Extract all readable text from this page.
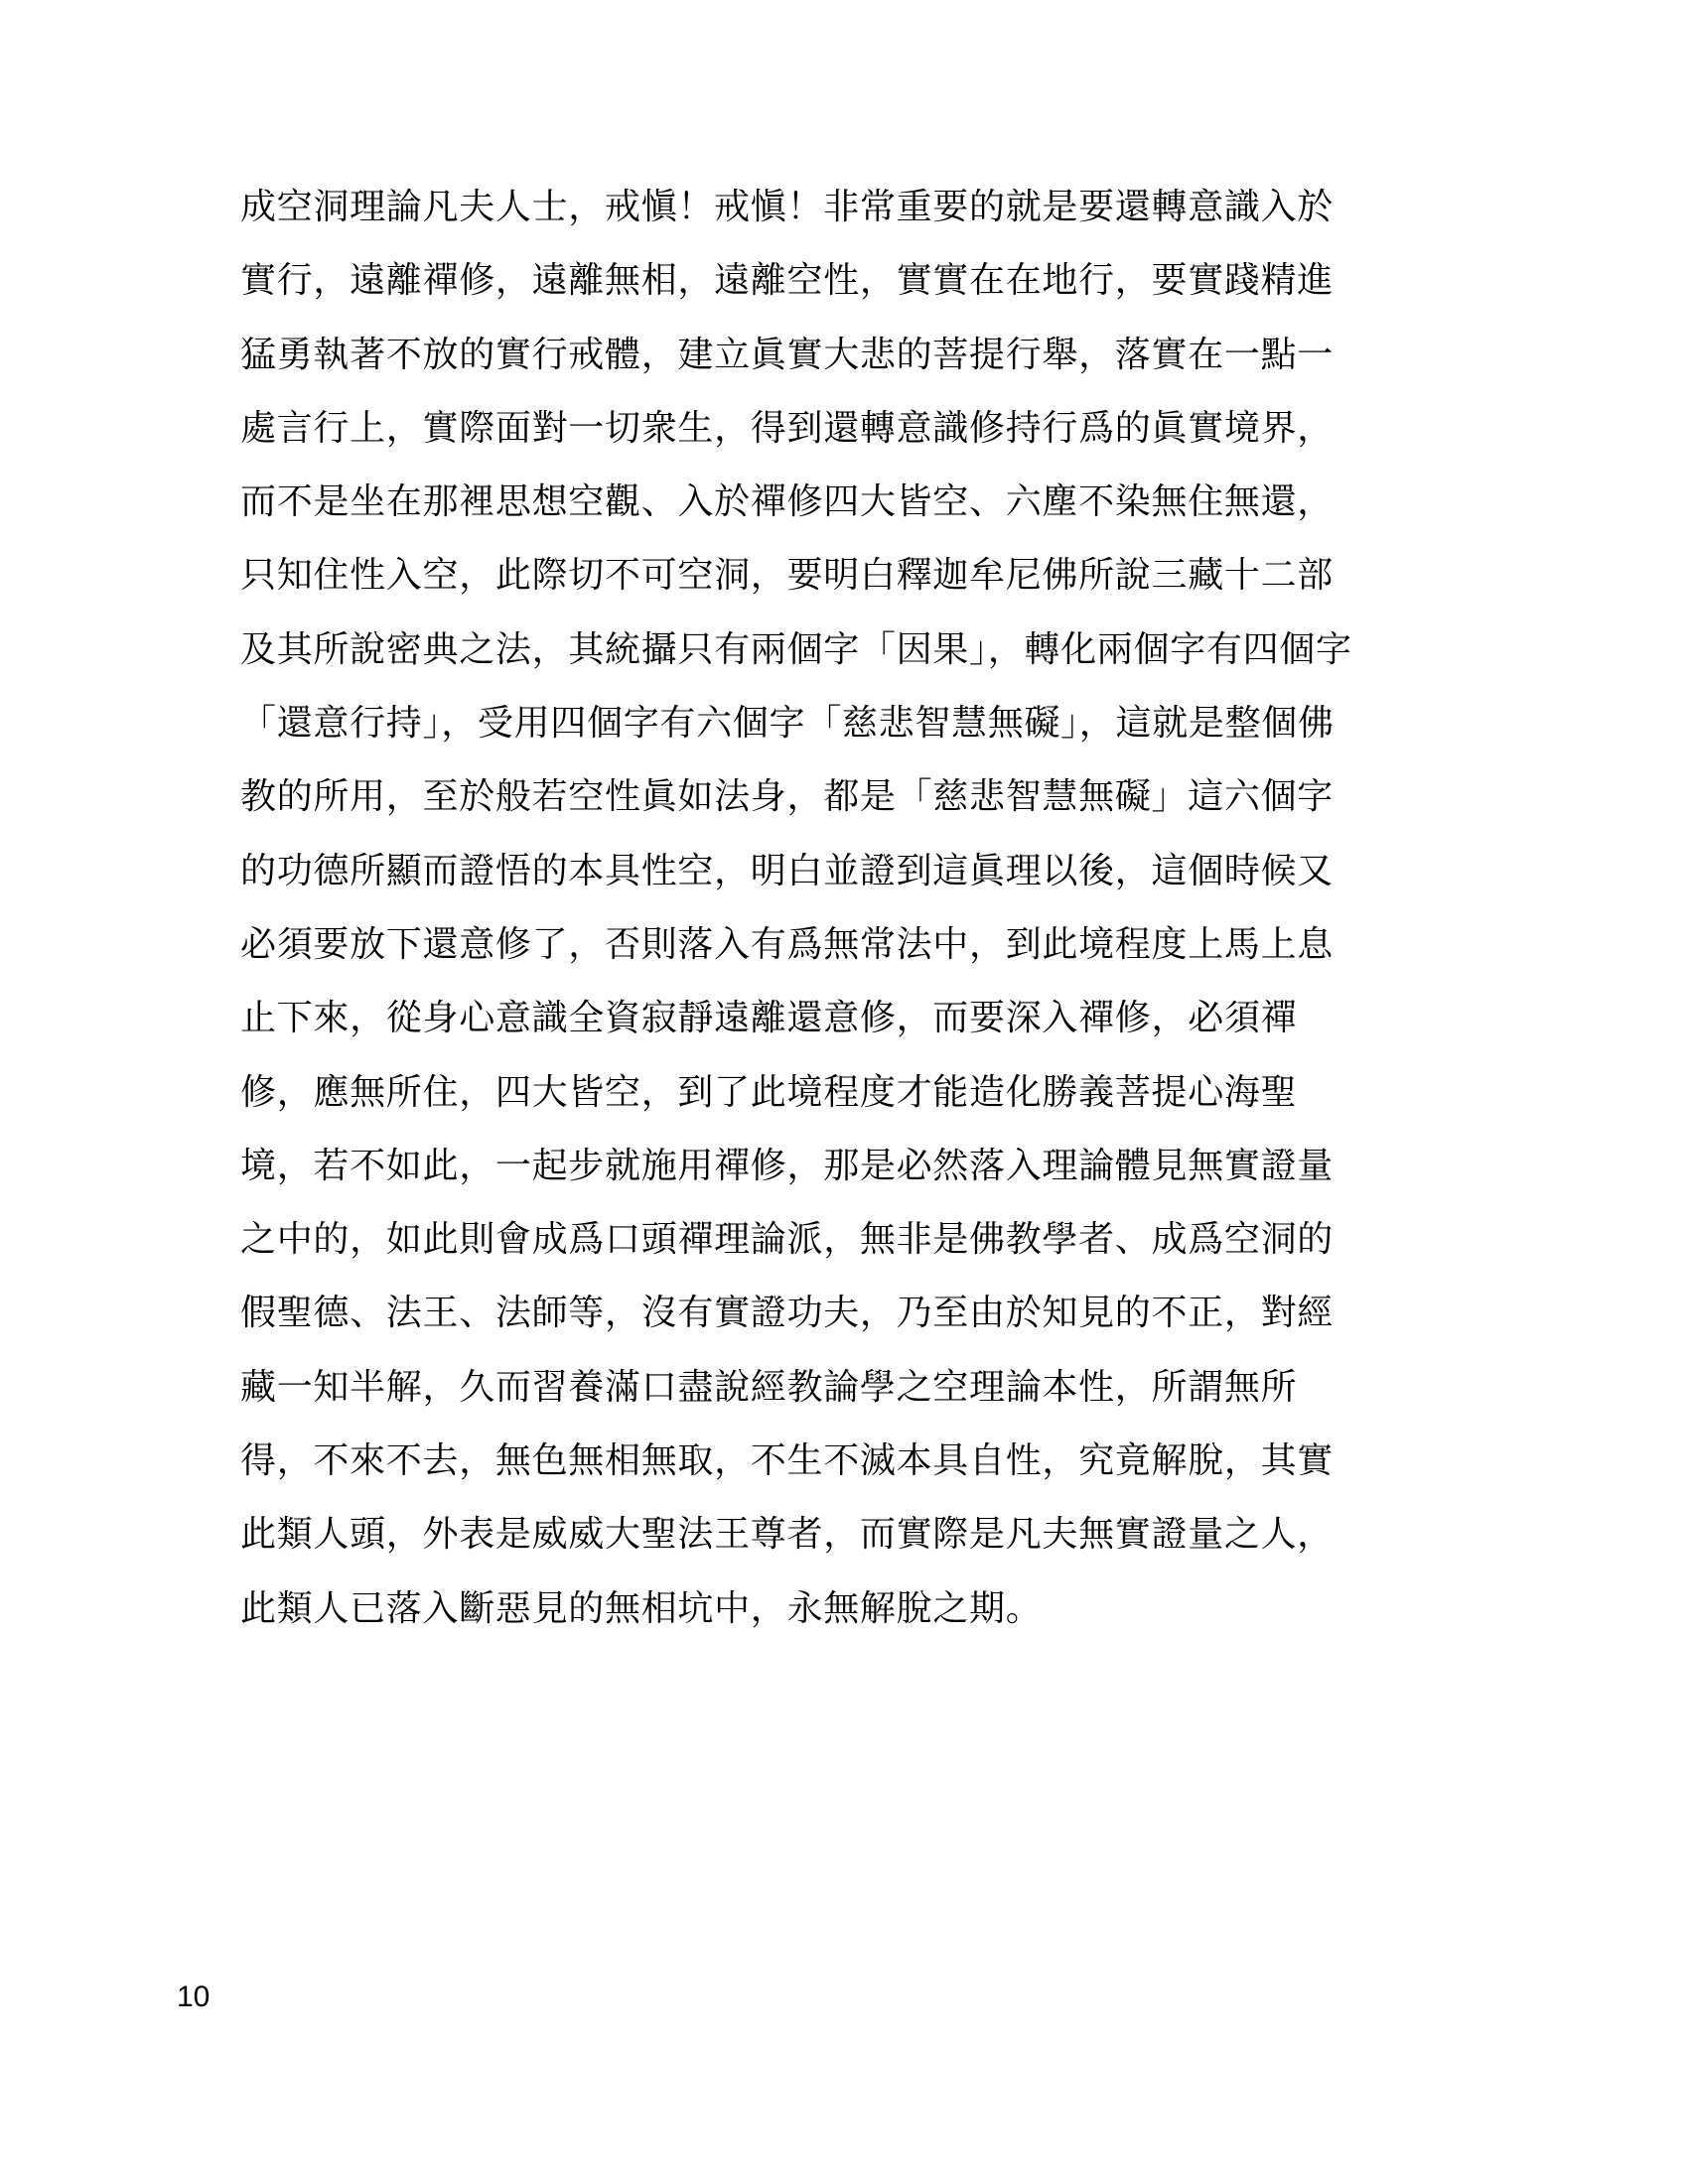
成空洞理論凡夫人士，戒愼！戒愼！非常重要的就是要還轉意識入於
實行，遠離禪修，遠離無相，遠離空性，實實在在地行，要實踐精進
猛勇執著不放的實行戒體，建立眞實大悲的菩提行舉，落實在一點一
處言行上，實際面對一切衆生，得到還轉意識修持行爲的眞實境界，
而不是坐在那裡思想空觀、入於禪修四大皆空、六塵不染無住無還，
只知住性入空，此際切不可空洞，要明白釋迦牟尼佛所說三藏十二部
及其所說密典之法，其統攝只有兩個字「因果」，轉化兩個字有四個字
「還意行持」，受用四個字有六個字「慈悲智慧無礙」，這就是整個佛
教的所用，至於般若空性眞如法身，都是「慈悲智慧無礙」這六個字
的功德所顯而證悟的本具性空，明白並證到這眞理以後，這個時候又
必須要放下還意修了，否則落入有爲無常法中，到此境程度上馬上息
止下來，從身心意識全資寂靜遠離還意修，而要深入禪修，必須禪
修，應無所住，四大皆空，到了此境程度才能造化勝義菩提心海聖
境，若不如此，一起步就施用禪修，那是必然落入理論體見無實證量
之中的，如此則會成爲口頭禪理論派，無非是佛教學者、成爲空洞的
假聖德、法王、法師等，沒有實證功夫，乃至由於知見的不正，對經
藏一知半解，久而習養滿口盡說經教論學之空理論本性，所謂無所
得，不來不去，無色無相無取，不生不滅本具自性，究竟解脫，其實
此類人頭，外表是威威大聖法王尊者，而實際是凡夫無實證量之人，
此類人已落入斷惡見的無相坑中，永無解脫之期。

10
